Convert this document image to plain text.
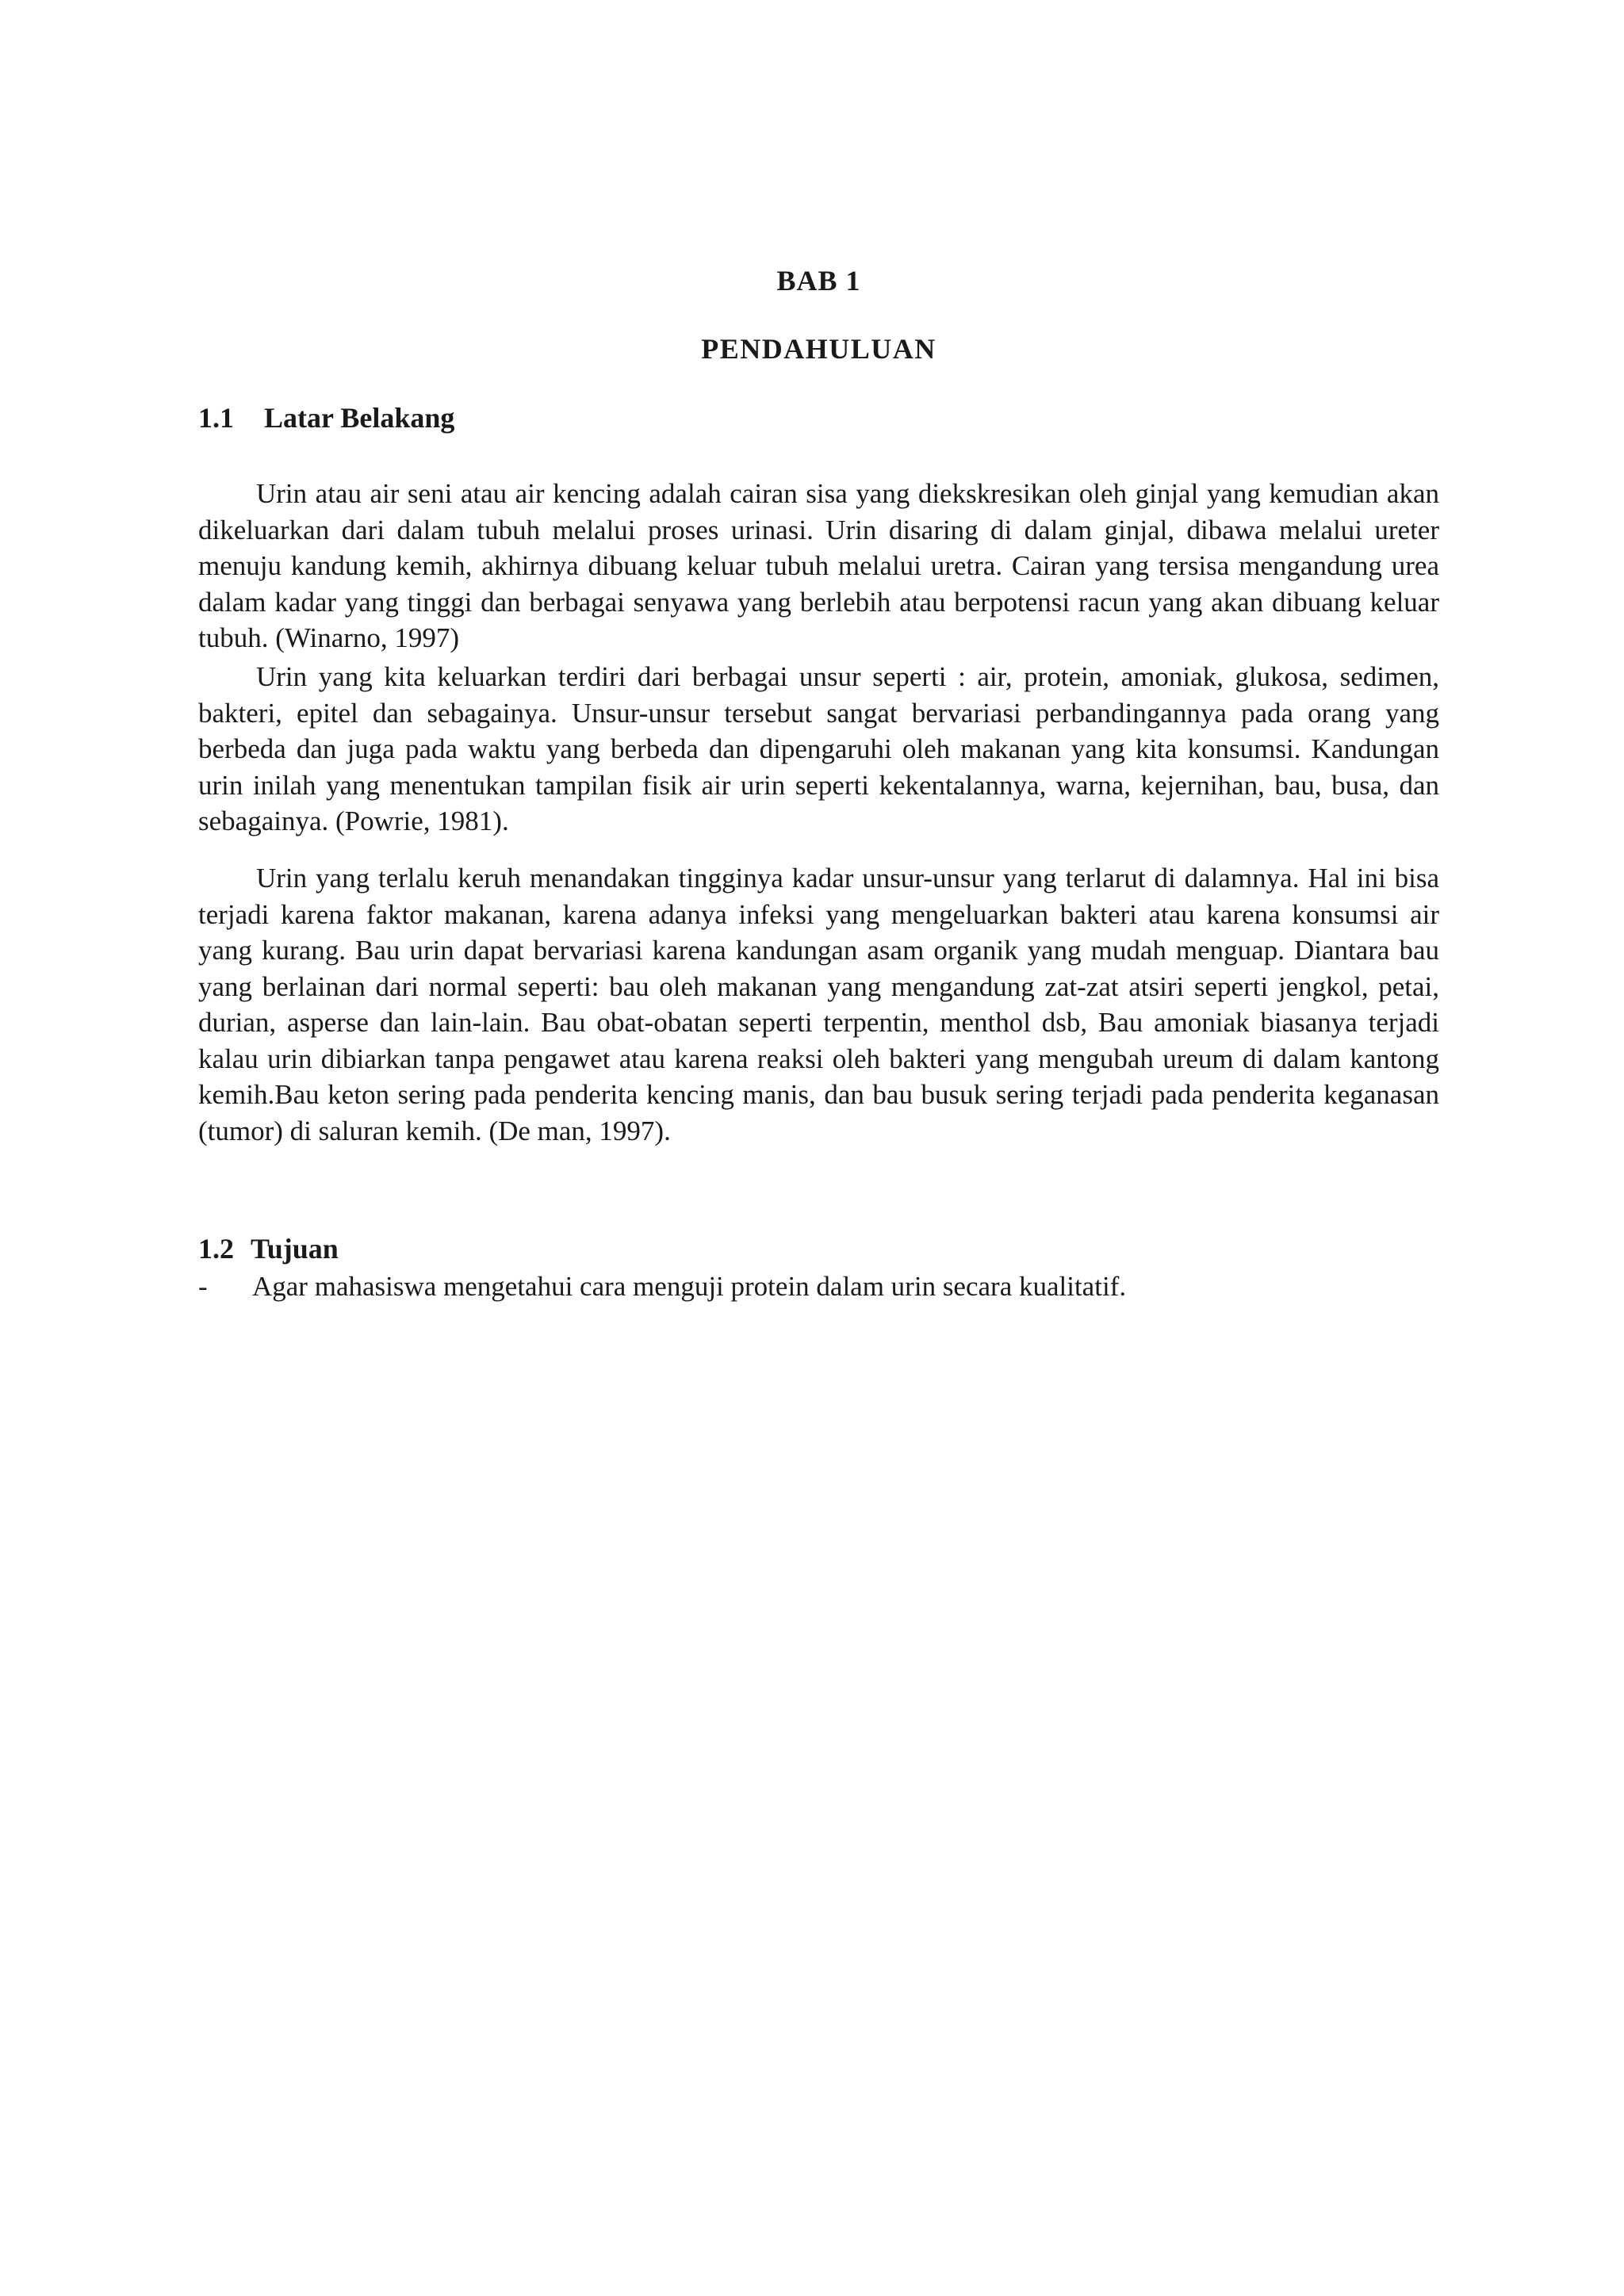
BAB 1
PENDAHULUAN
1.1 Latar Belakang

Urin atau air seni atau air kencing adalah cairan sisa yang diekskresikan oleh ginjal yang kemudian akan dikeluarkan dari dalam tubuh melalui proses urinasi. Urin disaring di dalam ginjal, dibawa melalui ureter menuju kandung kemih, akhirnya dibuang keluar tubuh melalui uretra. Cairan yang tersisa mengandung urea dalam kadar yang tinggi dan berbagai senyawa yang berlebih atau berpotensi racun yang akan dibuang keluar tubuh. (Winarno, 1997)

Urin yang kita keluarkan terdiri dari berbagai unsur seperti : air, protein, amoniak, glukosa, sedimen, bakteri, epitel dan sebagainya. Unsur-unsur tersebut sangat bervariasi perbandingannya pada orang yang berbeda dan juga pada waktu yang berbeda dan dipengaruhi oleh makanan yang kita konsumsi. Kandungan urin inilah yang menentukan tampilan fisik air urin seperti kekentalannya, warna, kejernihan, bau, busa, dan sebagainya. (Powrie, 1981).

Urin yang terlalu keruh menandakan tingginya kadar unsur-unsur yang terlarut di dalamnya. Hal ini bisa terjadi karena faktor makanan, karena adanya infeksi yang mengeluarkan bakteri atau karena konsumsi air yang kurang. Bau urin dapat bervariasi karena kandungan asam organik yang mudah menguap. Diantara bau yang berlainan dari normal seperti: bau oleh makanan yang mengandung zat-zat atsiri seperti jengkol, petai, durian, asperse dan lain-lain. Bau obat-obatan seperti terpentin, menthol dsb, Bau amoniak biasanya terjadi kalau urin dibiarkan tanpa pengawet atau karena reaksi oleh bakteri yang mengubah ureum di dalam kantong kemih.Bau keton sering pada penderita kencing manis, dan bau busuk sering terjadi pada penderita keganasan (tumor) di saluran kemih. (De man, 1997).

1.2 Tujuan
- Agar mahasiswa mengetahui cara menguji protein dalam urin secara kualitatif.
